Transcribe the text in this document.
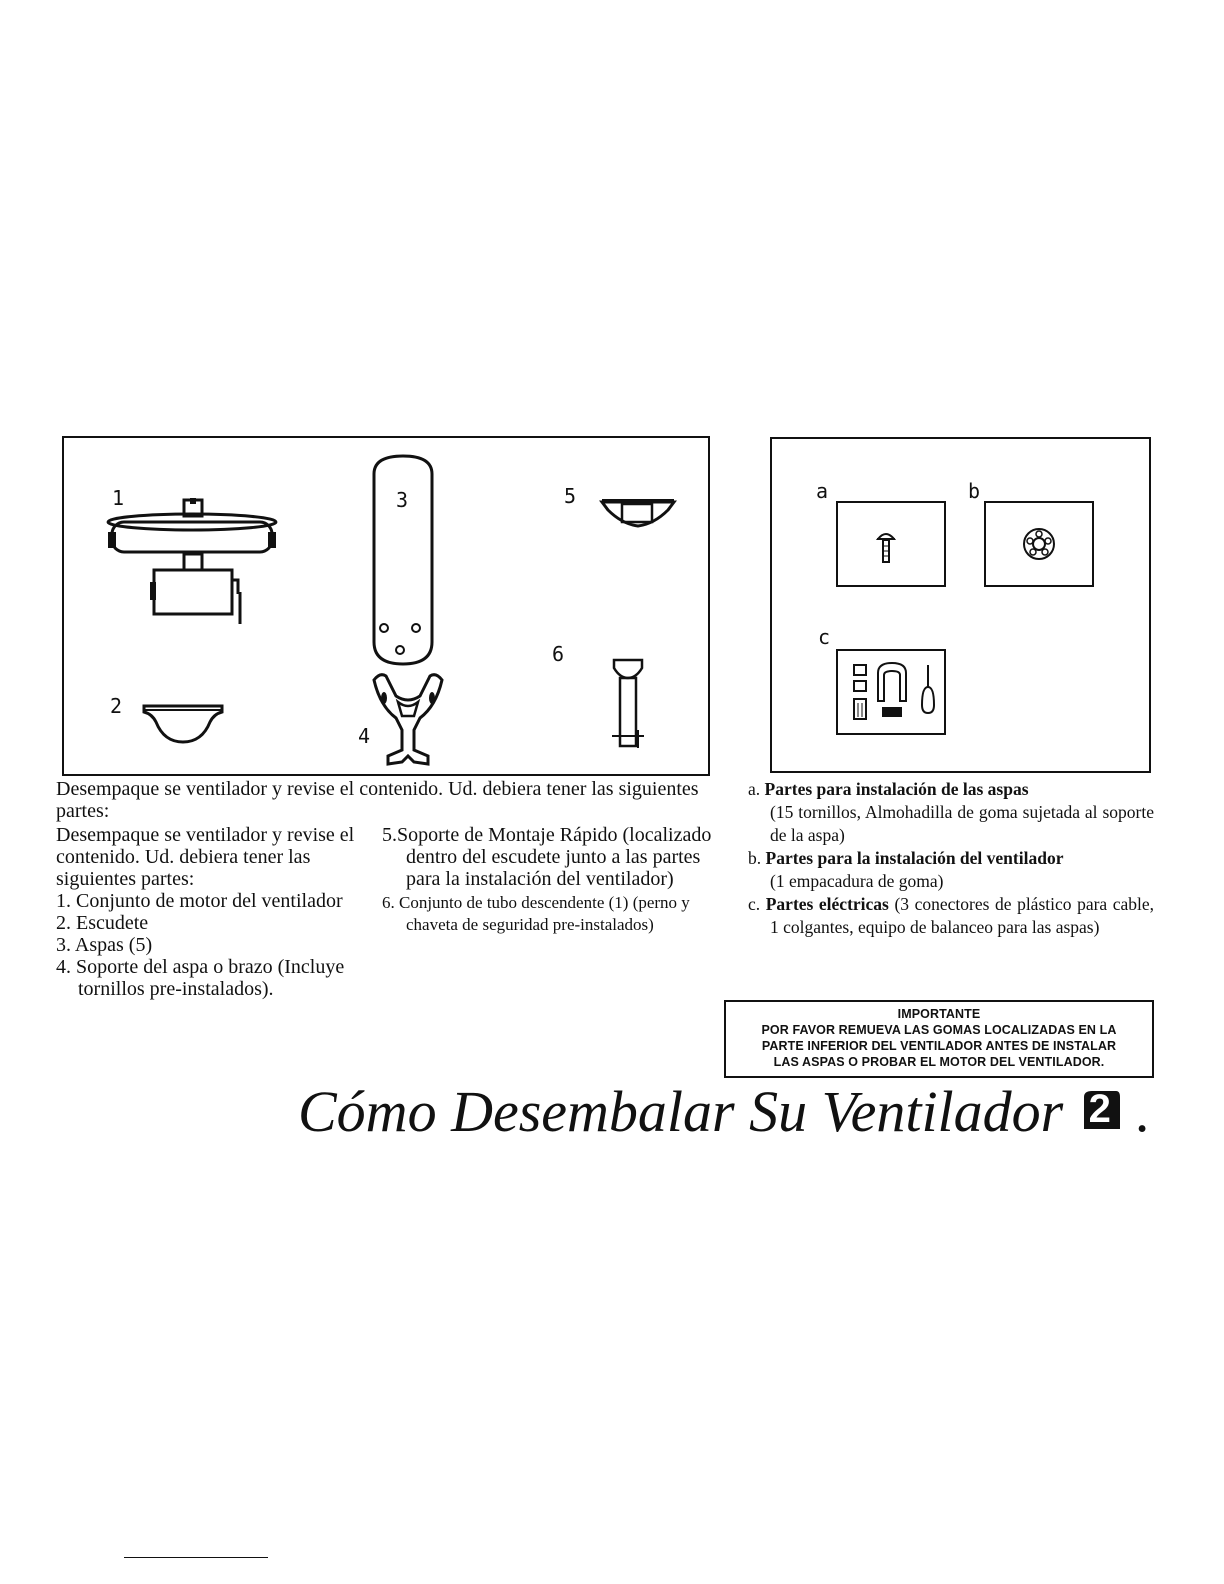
1	3	5
6
2
4
a	b
c
Desempaque se ventilador y revise el contenido. Ud. debiera tener las siguientes partes:
Desempaque se ventilador y revise el contenido. Ud. debiera tener las siguientes partes:

1. Conjunto de motor del ventilador

2. Escudete

3. Aspas (5)

4. Soporte del aspa o brazo (Incluye tornillos pre-instalados).

5.Soporte de Montaje Rápido (localizado dentro del escudete junto a las partes para la instalación del ventilador)

6. Conjunto de tubo descendente (1) (perno y chaveta de seguridad pre-instalados)

a. Partes para instalación de las aspas
(15 tornillos, Almohadilla de goma sujetada al soporte de la aspa)
b. Partes para la instalación del ventilador
(1 empacadura de goma)
c. Partes eléctricas (3 conectores de plástico para cable, 1 colgantes, equipo de balanceo para las aspas)
IMPORTANTE
POR FAVOR REMUEVA LAS GOMAS LOCALIZADAS EN LA
PARTE INFERIOR DEL VENTILADOR ANTES DE INSTALAR
LAS ASPAS O PROBAR EL MOTOR DEL VENTILADOR.
Cómo Desembalar Su Ventilador 2 .
